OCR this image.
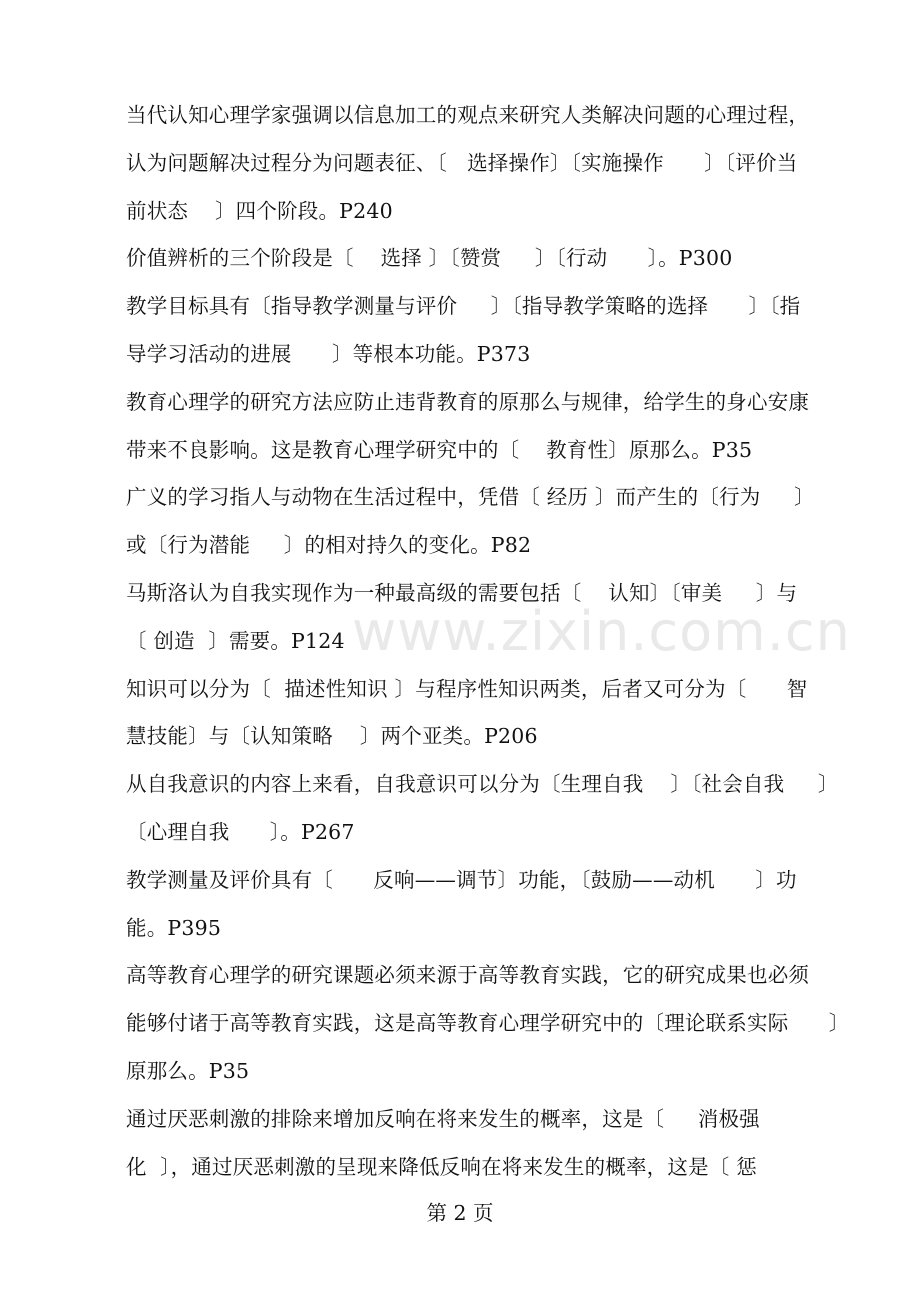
当代认知心理学家强调以信息加工的观点来研究人类解决问题的心理过程，
认为问题解决过程分为问题表征、〔   选择操作〕〔实施操作      〕〔评价当
前状态    〕四个阶段。P240
价值辨析的三个阶段是〔    选择 〕〔赞赏     〕〔行动      〕。P300
教学目标具有〔指导教学测量与评价     〕〔指导教学策略的选择      〕〔指
导学习活动的进展      〕等根本功能。P373
教育心理学的研究方法应防止违背教育的原那么与规律，给学生的身心安康
带来不良影响。这是教育心理学研究中的〔    教育性〕原那么。P35
广义的学习指人与动物在生活过程中，凭借〔 经历 〕而产生的〔行为     〕
或〔行为潜能     〕的相对持久的变化。P82
马斯洛认为自我实现作为一种最高级的需要包括〔    认知〕〔审美     〕与
〔 创造  〕需要。P124
知识可以分为〔  描述性知识 〕与程序性知识两类，后者又可分为〔      智
慧技能〕与〔认知策略    〕两个亚类。P206
从自我意识的内容上来看，自我意识可以分为〔生理自我    〕〔社会自我     〕
〔心理自我      〕。P267
教学测量及评价具有〔      反响——调节〕功能，〔鼓励——动机      〕功
能。P395
高等教育心理学的研究课题必须来源于高等教育实践，它的研究成果也必须
能够付诸于高等教育实践，这是高等教育心理学研究中的〔理论联系实际      〕
原那么。P35
通过厌恶刺激的排除来增加反响在将来发生的概率，这是〔     消极强
化  〕，通过厌恶刺激的呈现来降低反响在将来发生的概率，这是〔 惩
www.zixin.com.cn
第 2 页
